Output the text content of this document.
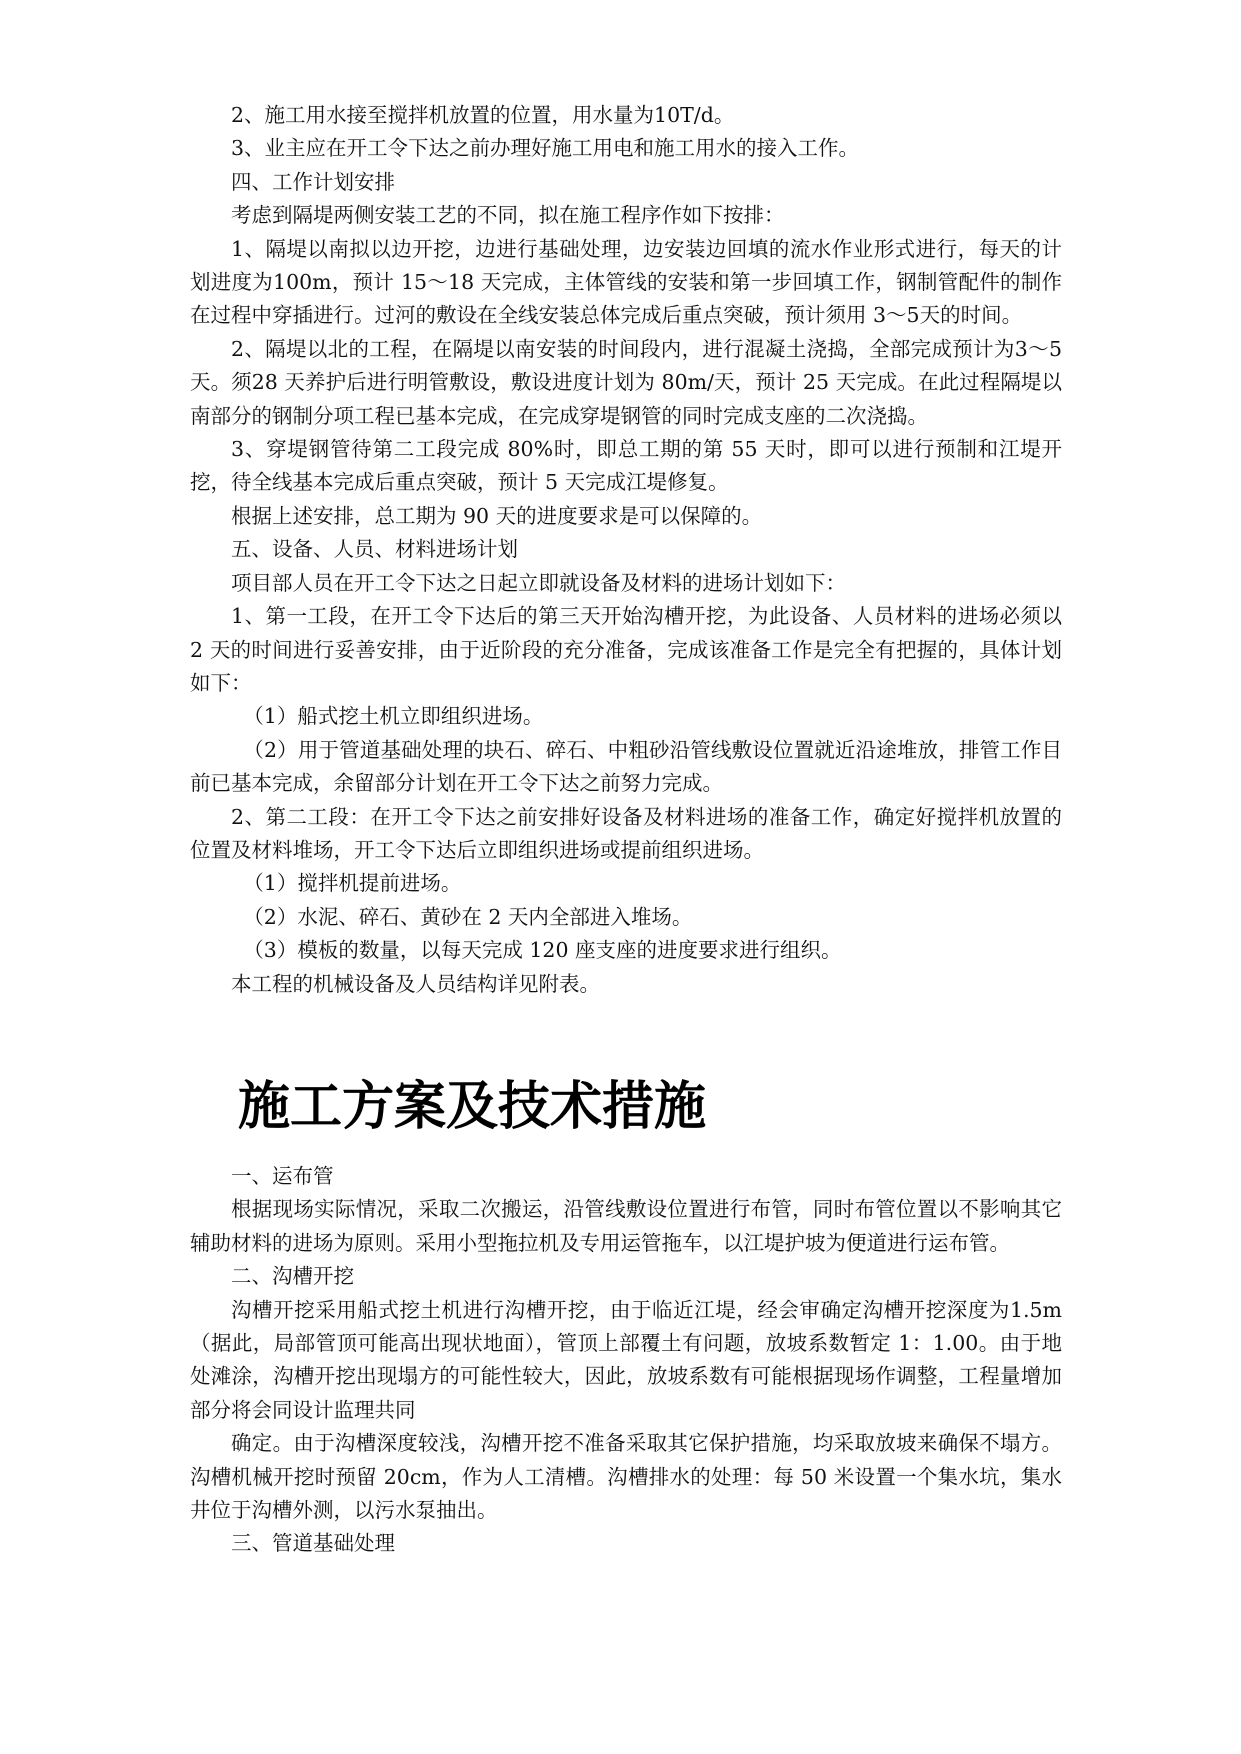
2、施工用水接至搅拌机放置的位置，用水量为10T/d。

3、业主应在开工令下达之前办理好施工用电和施工用水的接入工作。

四、工作计划安排

考虑到隔堤两侧安装工艺的不同，拟在施工程序作如下按排：

1、隔堤以南拟以边开挖，边进行基础处理，边安装边回填的流水作业形式进行，每天的计划进度为100m，预计 15～18 天完成，主体管线的安装和第一步回填工作，钢制管配件的制作在过程中穿插进行。过河的敷设在全线安装总体完成后重点突破，预计须用 3～5天的时间。

2、隔堤以北的工程，在隔堤以南安装的时间段内，进行混凝土浇捣，全部完成预计为3～5 天。须28 天养护后进行明管敷设，敷设进度计划为 80m/天，预计 25 天完成。在此过程隔堤以南部分的钢制分项工程已基本完成，在完成穿堤钢管的同时完成支座的二次浇捣。

3、穿堤钢管待第二工段完成 80%时，即总工期的第 55 天时，即可以进行预制和江堤开挖，待全线基本完成后重点突破，预计 5 天完成江堤修复。

根据上述安排，总工期为 90 天的进度要求是可以保障的。

五、设备、人员、材料进场计划

项目部人员在开工令下达之日起立即就设备及材料的进场计划如下：

1、第一工段，在开工令下达后的第三天开始沟槽开挖，为此设备、人员材料的进场必须以 2 天的时间进行妥善安排，由于近阶段的充分准备，完成该准备工作是完全有把握的，具体计划如下：

（1）船式挖土机立即组织进场。

（2）用于管道基础处理的块石、碎石、中粗砂沿管线敷设位置就近沿途堆放，排管工作目前已基本完成，余留部分计划在开工令下达之前努力完成。

2、第二工段：在开工令下达之前安排好设备及材料进场的准备工作，确定好搅拌机放置的位置及材料堆场，开工令下达后立即组织进场或提前组织进场。

（1）搅拌机提前进场。

（2）水泥、碎石、黄砂在 2 天内全部进入堆场。

（3）模板的数量，以每天完成 120 座支座的进度要求进行组织。

本工程的机械设备及人员结构详见附表。

施工方案及技术措施

一、运布管

根据现场实际情况，采取二次搬运，沿管线敷设位置进行布管，同时布管位置以不影响其它辅助材料的进场为原则。采用小型拖拉机及专用运管拖车，以江堤护坡为便道进行运布管。

二、沟槽开挖

沟槽开挖采用船式挖土机进行沟槽开挖，由于临近江堤，经会审确定沟槽开挖深度为1.5m（据此，局部管顶可能高出现状地面），管顶上部覆土有问题，放坡系数暂定 1：1.00。由于地处滩涂，沟槽开挖出现塌方的可能性较大，因此，放坡系数有可能根据现场作调整，工程量增加部分将会同设计监理共同

确定。由于沟槽深度较浅，沟槽开挖不准备采取其它保护措施，均采取放坡来确保不塌方。沟槽机械开挖时预留 20cm，作为人工清槽。沟槽排水的处理：每 50 米设置一个集水坑，集水井位于沟槽外测，以污水泵抽出。

三、管道基础处理
